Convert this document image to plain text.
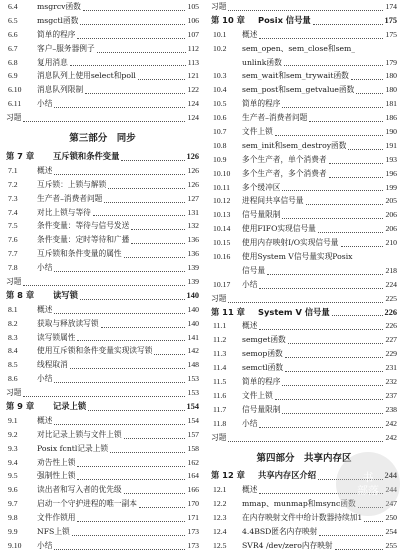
6.4	msgrcv函数	105
6.5	msgctl函数	106
6.6	简单的程序	107
6.7	客户–服务器例子	112
6.8	复用消息	113
6.9	消息队列上使用select和poll	121
6.10	消息队列限制	122
6.11	小结	124
习题	124
第三部分　同步
第 7 章	互斥锁和条件变量	126
7.1	概述	126
7.2	互斥锁：上锁与解锁	126
7.3	生产者–消费者问题	127
7.4	对比上锁与等待	131
7.5	条件变量：等待与信号发送	132
7.6	条件变量：定时等待和广播	136
7.7	互斥锁和条件变量的属性	136
7.8	小结	139
习题	139
第 8 章	读写锁	140
8.1	概述	140
8.2	获取与释放读写锁	140
8.3	读写锁属性	141
8.4	使用互斥锁和条件变量实现读写锁	142
8.5	线程取消	148
8.6	小结	153
习题	153
第 9 章	记录上锁	154
9.1	概述	154
9.2	对比记录上锁与文件上锁	157
9.3	Posix fcntl记录上锁	158
9.4	劝告性上锁	162
9.5	强制性上锁	164
9.6	读出者和写入者的优先级	166
9.7	启动一个守护进程的唯一副本	170
9.8	文件作锁用	171
9.9	NFS上锁	173
9.10	小结	173
习题	174
第 10 章	Posix 信号量	175
10.1	概述	175
10.2	sem_open、sem_close和sem_
unlink函数	179
10.3	sem_wait和sem_trywait函数	180
10.4	sem_post和sem_getvalue函数	180
10.5	简单的程序	181
10.6	生产者–消费者问题	186
10.7	文件上锁	190
10.8	sem_init和sem_destroy函数	191
10.9	多个生产者，单个消费者	193
10.10	多个生产者，多个消费者	196
10.11	多个缓冲区	199
10.12	进程间共享信号量	205
10.13	信号量限制	206
10.14	使用FIFO实现信号量	206
10.15	使用内存映射I/O实现信号量	210
10.16	使用System V信号量实现Posix
信号量	218
10.17	小结	224
习题	225
第 11 章	System V 信号量	226
11.1	概述	226
11.2	semget函数	227
11.3	semop函数	229
11.4	semctl函数	231
11.5	简单的程序	232
11.6	文件上锁	237
11.7	信号量限制	238
11.8	小结	242
习题	242
第四部分　共享内存区
第 12 章	共享内存区介绍	244
12.1	概述	244
12.2	mmap、munmap和msync函数	247
12.3	在内存映射文件中给计数器持续加1	250
12.4	4.4BSD匿名内存映射	254
12.5	SVR4 /dev/zero内存映射	255
书
部落
